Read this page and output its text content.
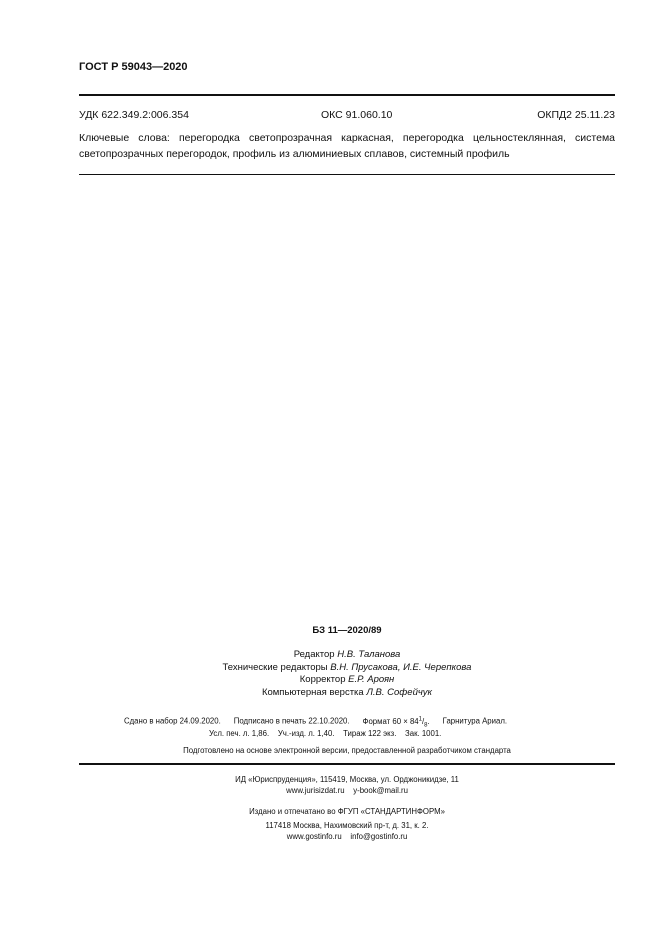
ГОСТ Р 59043—2020
УДК 622.349.2:006.354	ОКС 91.060.10	ОКПД2 25.11.23
Ключевые слова: перегородка светопрозрачная каркасная, перегородка цельностеклянная, система светопрозрачных перегородок, профиль из алюминиевых сплавов, системный профиль
БЗ 11—2020/89
Редактор Н.В. Таланова
Технические редакторы В.Н. Прусакова, И.Е. Черепкова
Корректор Е.Р. Ароян
Компьютерная верстка Л.В. Софейчук
Сдано в набор 24.09.2020. Подписано в печать 22.10.2020. Формат $60 \times 84^1/_8$. Гарнитура Ариал.
Усл. печ. л. 1,86. Уч.-изд. л. 1,40. Тираж 122 экз. Зак. 1001.
Подготовлено на основе электронной версии, предоставленной разработчиком стандарта
ИД «Юриспруденция», 115419, Москва, ул. Орджоникидзе, 11
www.jurisizdat.ru    y-book@mail.ru
Издано и отпечатано во ФГУП «СТАНДАРТИНФОРМ»
117418 Москва, Нахимовский пр-т, д. 31, к. 2.
www.gostinfo.ru    info@gostinfo.ru
